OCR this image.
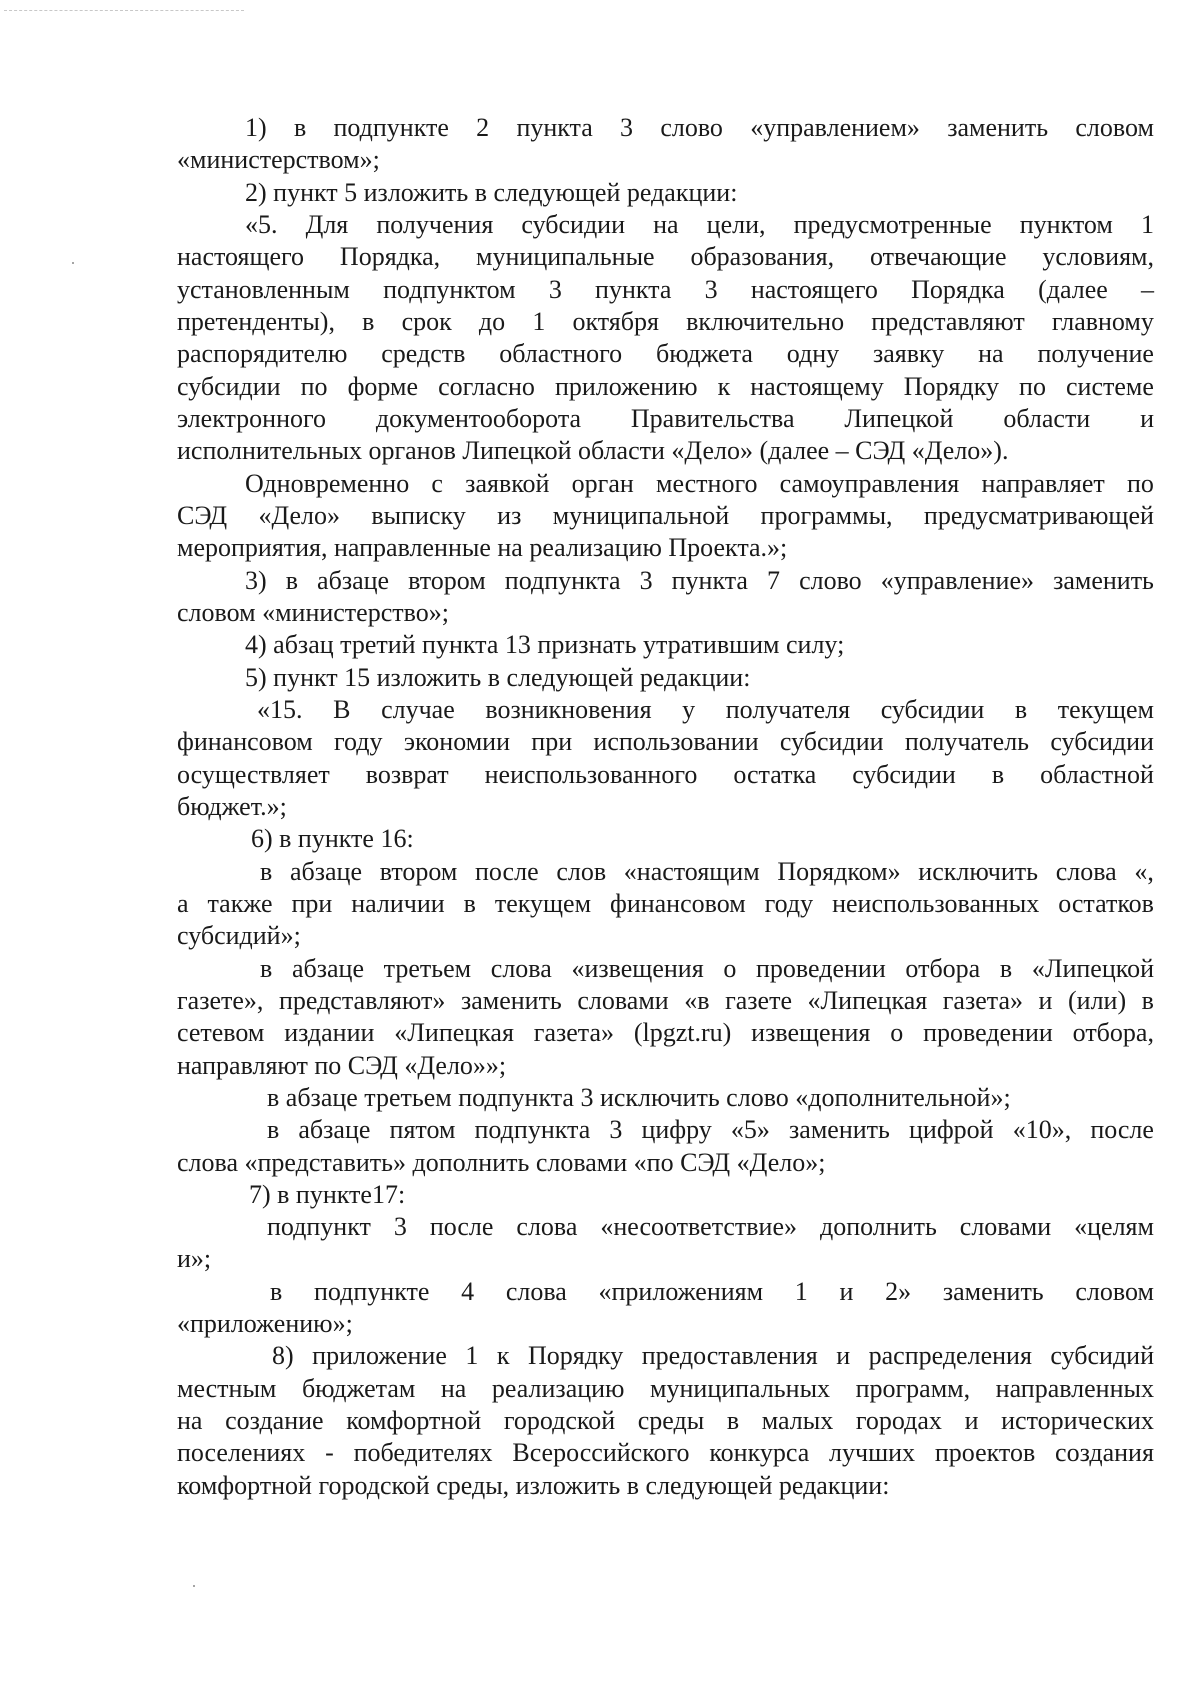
1) в подпункте 2 пункта 3 слово «управлением» заменить словом
«министерством»;
2) пункт 5 изложить в следующей редакции:
«5. Для получения субсидии на цели, предусмотренные пунктом 1
настоящего Порядка, муниципальные образования, отвечающие условиям,
установленным подпунктом 3 пункта 3 настоящего Порядка (далее –
претенденты), в срок до 1 октября включительно представляют главному
распорядителю средств областного бюджета одну заявку на получение
субсидии по форме согласно приложению к настоящему Порядку по системе
электронного документооборота Правительства Липецкой области и
исполнительных органов Липецкой области «Дело» (далее – СЭД «Дело»).
Одновременно с заявкой орган местного самоуправления направляет по
СЭД «Дело» выписку из муниципальной программы, предусматривающей
мероприятия, направленные на реализацию Проекта.»;
3) в абзаце втором подпункта 3 пункта 7 слово «управление» заменить
словом «министерство»;
4) абзац третий пункта 13 признать утратившим силу;
5) пункт 15 изложить в следующей редакции:
«15. В случае возникновения у получателя субсидии в текущем
финансовом году экономии при использовании субсидии получатель субсидии
осуществляет возврат неиспользованного остатка субсидии в областной
бюджет.»;
6) в пункте 16:
в абзаце втором после слов «настоящим Порядком» исключить слова «,
а также при наличии в текущем финансовом году неиспользованных остатков
субсидий»;
в абзаце третьем слова «извещения о проведении отбора в «Липецкой
газете», представляют» заменить словами «в газете «Липецкая газета» и (или) в
сетевом издании «Липецкая газета» (lpgzt.ru) извещения о проведении отбора,
направляют по СЭД «Дело»»;
в абзаце третьем подпункта 3 исключить слово «дополнительной»;
в абзаце пятом подпункта 3 цифру «5» заменить цифрой «10», после
слова «представить» дополнить словами «по СЭД «Дело»;
7) в пункте17:
подпункт 3 после слова «несоответствие» дополнить словами «целям
и»;
в подпункте 4 слова «приложениям 1 и 2» заменить словом
«приложению»;
8) приложение 1 к Порядку предоставления и распределения субсидий
местным бюджетам на реализацию муниципальных программ, направленных
на создание комфортной городской среды в малых городах и исторических
поселениях - победителях Всероссийского конкурса лучших проектов создания
комфортной городской среды, изложить в следующей редакции:
